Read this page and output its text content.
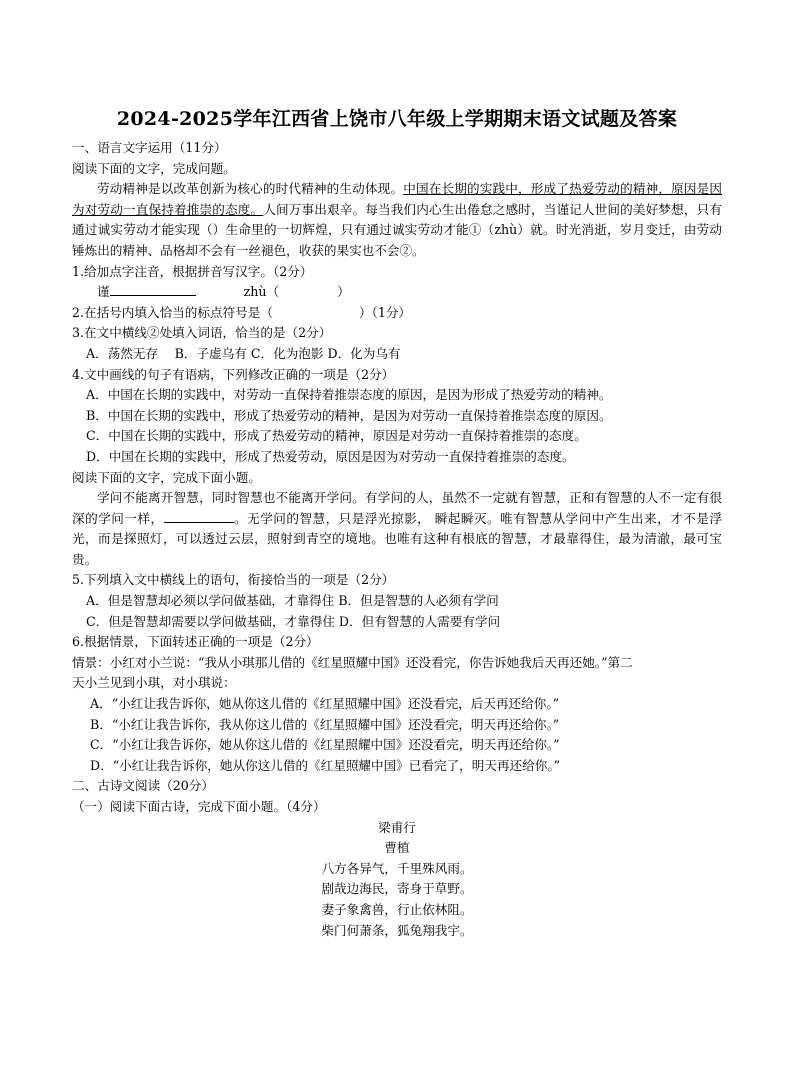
2024-2025学年江西省上饶市八年级上学期期末语文试题及答案
一、语言文字运用（11分）
阅读下面的文字，完成问题。
劳动精神是以改革创新为核心的时代精神的生动体现。中国在长期的实践中，形成了热爱劳动的精神，原因是因为对劳动一直保持着推崇的态度。人间万事出艰辛。每当我们内心生出倦怠之感时，当谨记人世间的美好梦想，只有通过诚实劳动才能实现（）生命里的一切辉煌，只有通过诚实劳动才能①（zhù）就。时光消逝，岁月变迁，由劳动锤炼出的精神、品格却不会有一丝褪色，收获的果实也不会②。
1.给加点字注音，根据拼音写汉字。（2分）
谨	zhù（	）
2.在括号内填入恰当的标点符号是（	）（1分）
3.在文中横线②处填入词语，恰当的是（2分）
A．荡然无存　 B．子虚乌有 C．化为泡影 D．化为乌有
4.文中画线的句子有语病，下列修改正确的一项是（2分）
A．中国在长期的实践中，对劳动一直保持着推崇态度的原因，是因为形成了热爱劳动的精神。
B．中国在长期的实践中，形成了热爱劳动的精神，是因为对劳动一直保持着推崇态度的原因。
C．中国在长期的实践中，形成了热爱劳动的精神，原因是对劳动一直保持着推崇的态度。
D．中国在长期的实践中，形成了热爱劳动，原因是因为对劳动一直保持着推崇的态度。
阅读下面的文字，完成下面小题。
学问不能离开智慧，同时智慧也不能离开学问。有学问的人，虽然不一定就有智慧，正和有智慧的人不一定有很深的学问一样，	。无学问的智慧，只是浮光掠影， 瞬起瞬灭。唯有智慧从学问中产生出来，才不是浮光，而是探照灯，可以透过云层，照射到青空的境地。也唯有这种有根底的智慧，才最靠得住，最为清澈，最可宝贵。
5.下列填入文中横线上的语句，衔接恰当的一项是（2分）
A．但是智慧却必须以学问做基础，才靠得住 B．但是智慧的人必须有学问
C．但是智慧却需要以学问做基础，才靠得住 D．但有智慧的人需要有学问
6.根据情景，下面转述正确的一项是（2分）
情景：小红对小兰说：“我从小琪那儿借的《红星照耀中国》还没看完，你告诉她我后天再还她。”第二
天小兰见到小琪，对小琪说：
A．“小红让我告诉你，她从你这儿借的《红星照耀中国》还没看完，后天再还给你。”
B．“小红让我告诉你，我从你这儿借的《红星照耀中国》还没看完，明天再还给你。”
C．“小红让我告诉你，她从你这儿借的《红星照耀中国》还没看完，明天再还给你。”
D．“小红让我告诉你，她从你这儿借的《红星照耀中国》已看完了，明天再还给你。”
二、古诗文阅读（20分）
（一）阅读下面古诗，完成下面小题。（4分）
梁甫行
曹植
八方各异气，千里殊风雨。
剧哉边海民，寄身于草野。
妻子象禽兽，行止依林阻。
柴门何萧条，狐兔翔我宇。
